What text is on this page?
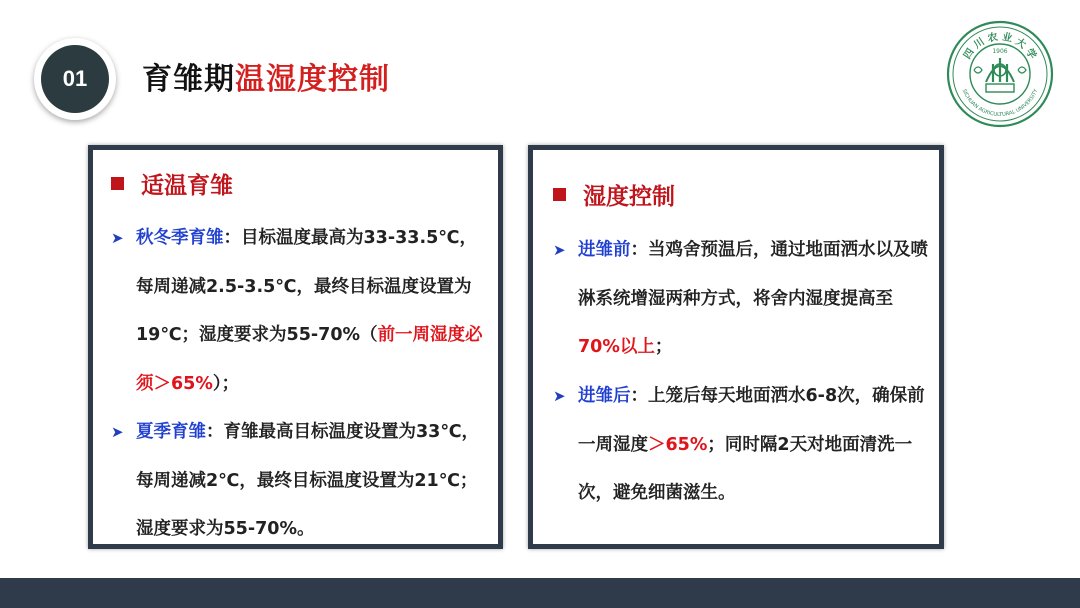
01	育雏期温湿度控制
四 川 农 业 大 学
SICHUAN AGRICULTURAL UNIVERSITY
1906
适温育雏
➤ 秋冬季育雏：目标温度最高为33-33.5℃，每周递减2.5-3.5℃，最终目标温度设置为19℃；湿度要求为55-70%（前一周湿度必须＞65%）；
➤ 夏季育雏：育雏最高目标温度设置为33℃，每周递减2℃，最终目标温度设置为21℃；湿度要求为55-70%。
湿度控制
➤ 进雏前：当鸡舍预温后，通过地面洒水以及喷淋系统增湿两种方式，将舍内湿度提高至70%以上；
➤ 进雏后：上笼后每天地面洒水6-8次，确保前一周湿度＞65%；同时隔2天对地面清洗一次，避免细菌滋生。
